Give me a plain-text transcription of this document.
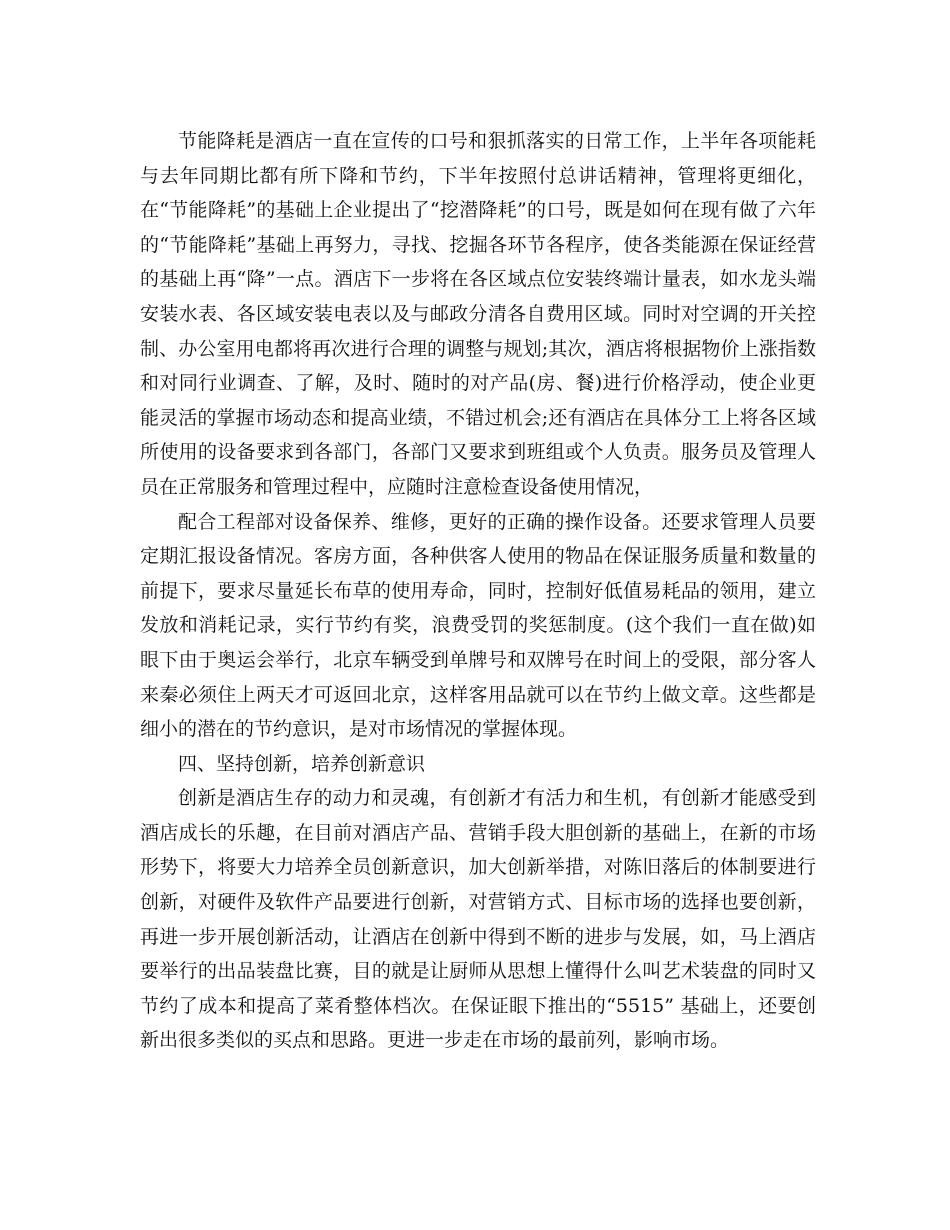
节能降耗是酒店一直在宣传的口号和狠抓落实的日常工作，上半年各项能耗与去年同期比都有所下降和节约，下半年按照付总讲话精神，管理将更细化，在“节能降耗”的基础上企业提出了“挖潜降耗”的口号，既是如何在现有做了六年的“节能降耗”基础上再努力，寻找、挖掘各环节各程序，使各类能源在保证经营的基础上再“降”一点。酒店下一步将在各区域点位安装终端计量表，如水龙头端安装水表、各区域安装电表以及与邮政分清各自费用区域。同时对空调的开关控制、办公室用电都将再次进行合理的调整与规划;其次，酒店将根据物价上涨指数和对同行业调查、了解，及时、随时的对产品(房、餐)进行价格浮动，使企业更能灵活的掌握市场动态和提高业绩，不错过机会;还有酒店在具体分工上将各区域所使用的设备要求到各部门，各部门又要求到班组或个人负责。服务员及管理人员在正常服务和管理过程中，应随时注意检查设备使用情况，

配合工程部对设备保养、维修，更好的正确的操作设备。还要求管理人员要定期汇报设备情况。客房方面，各种供客人使用的物品在保证服务质量和数量的前提下，要求尽量延长布草的使用寿命，同时，控制好低值易耗品的领用，建立发放和消耗记录，实行节约有奖，浪费受罚的奖惩制度。(这个我们一直在做)如眼下由于奥运会举行，北京车辆受到单牌号和双牌号在时间上的受限，部分客人来秦必须住上两天才可返回北京，这样客用品就可以在节约上做文章。这些都是细小的潜在的节约意识，是对市场情况的掌握体现。

四、坚持创新，培养创新意识

创新是酒店生存的动力和灵魂，有创新才有活力和生机，有创新才能感受到酒店成长的乐趣，在目前对酒店产品、营销手段大胆创新的基础上，在新的市场形势下，将要大力培养全员创新意识，加大创新举措，对陈旧落后的体制要进行创新，对硬件及软件产品要进行创新，对营销方式、目标市场的选择也要创新，再进一步开展创新活动，让酒店在创新中得到不断的进步与发展，如，马上酒店要举行的出品装盘比赛，目的就是让厨师从思想上懂得什么叫艺术装盘的同时又节约了成本和提高了菜肴整体档次。在保证眼下推出的“5515” 基础上，还要创新出很多类似的买点和思路。更进一步走在市场的最前列，影响市场。
